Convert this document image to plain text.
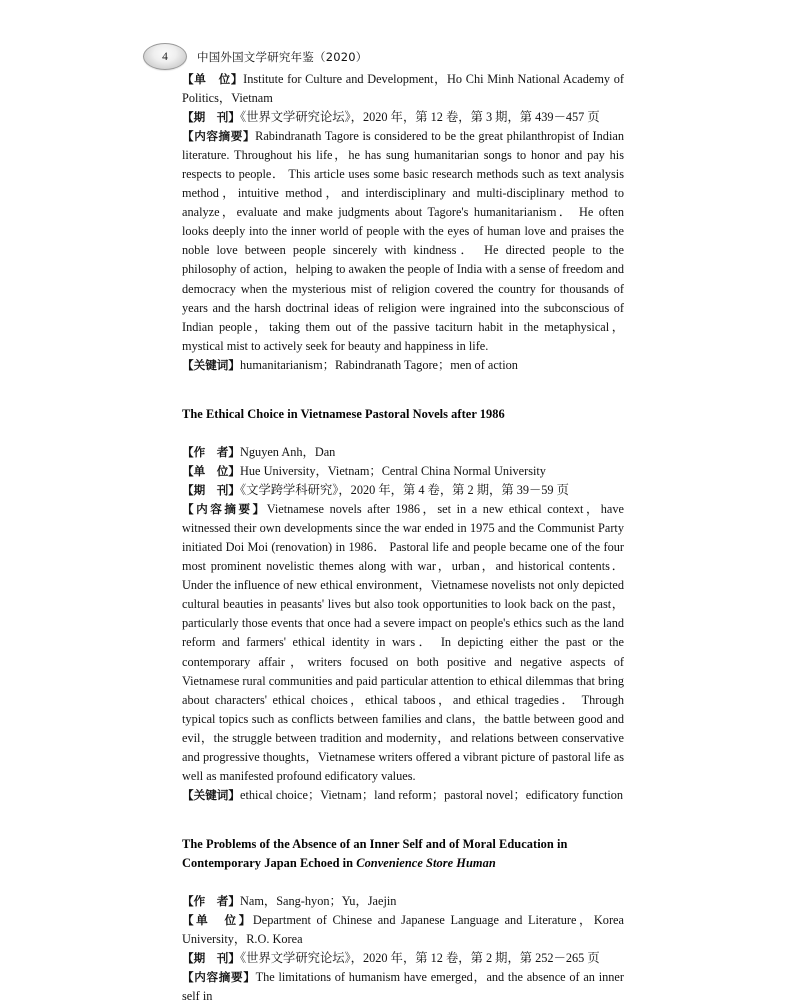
4	中国外国文学研究年鉴（2020）

【单　位】Institute for Culture and Development，Ho Chi Minh National Academy of Politics，Vietnam

【期　刊】《世界文学研究论坛》，2020 年，第 12 卷，第 3 期，第 439－457 页

【内容摘要】Rabindranath Tagore is considered to be the great philanthropist of Indian literature. Throughout his life，he has sung humanitarian songs to honor and pay his respects to people． This article uses some basic research methods such as text analysis method，intuitive method，and interdisciplinary and multi-disciplinary method to analyze，evaluate and make judgments about Tagore's humanitarianism． He often looks deeply into the inner world of people with the eyes of human love and praises the noble love between people sincerely with kindness． He directed people to the philosophy of action，helping to awaken the people of India with a sense of freedom and democracy when the mysterious mist of religion covered the country for thousands of years and the harsh doctrinal ideas of religion were ingrained into the subconscious of Indian people，taking them out of the passive taciturn habit in the metaphysical，mystical mist to actively seek for beauty and happiness in life.

【关键词】humanitarianism；Rabindranath Tagore；men of action

The Ethical Choice in Vietnamese Pastoral Novels after 1986

【作　者】Nguyen Anh，Dan

【单　位】Hue University，Vietnam；Central China Normal University

【期　刊】《文学跨学科研究》，2020 年，第 4 卷，第 2 期，第 39－59 页

【内容摘要】Vietnamese novels after 1986，set in a new ethical context，have witnessed their own developments since the war ended in 1975 and the Communist Party initiated Doi Moi (renovation) in 1986． Pastoral life and people became one of the four most prominent novelistic themes along with war，urban，and historical contents． Under the influence of new ethical environment，Vietnamese novelists not only depicted cultural beauties in peasants' lives but also took opportunities to look back on the past，particularly those events that once had a severe impact on people's ethics such as the land reform and farmers' ethical identity in wars． In depicting either the past or the contemporary affair，writers focused on both positive and negative aspects of Vietnamese rural communities and paid particular attention to ethical dilemmas that bring about characters' ethical choices，ethical taboos，and ethical tragedies． Through typical topics such as conflicts between families and clans，the battle between good and evil，the struggle between tradition and modernity，and relations between conservative and progressive thoughts，Vietnamese writers offered a vibrant picture of pastoral life as well as manifested profound edificatory values.

【关键词】ethical choice；Vietnam；land reform；pastoral novel；edificatory function

The Problems of the Absence of an Inner Self and of Moral Education in Contemporary Japan Echoed in Convenience Store Human

【作　者】Nam，Sang-hyon；Yu，Jaejin

【单　位】Department of Chinese and Japanese Language and Literature，Korea University，R.O. Korea

【期　刊】《世界文学研究论坛》，2020 年，第 12 卷，第 2 期，第 252－265 页

【内容摘要】The limitations of humanism have emerged，and the absence of an inner self in
